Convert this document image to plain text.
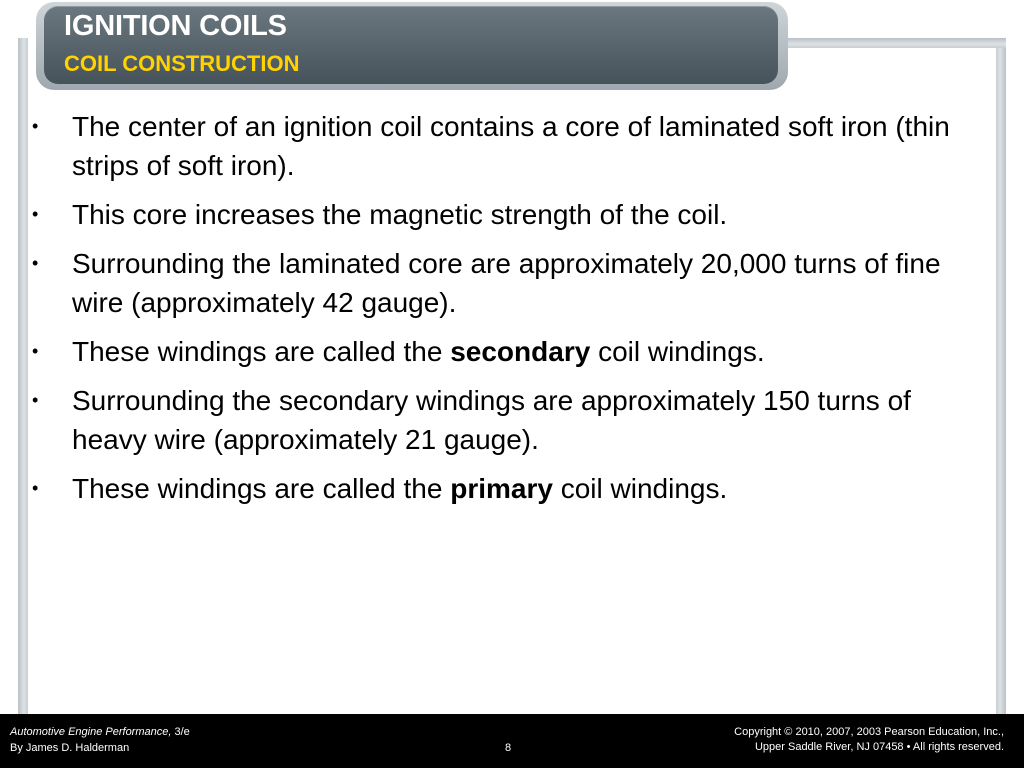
IGNITION COILS
COIL CONSTRUCTION
• The center of an ignition coil contains a core of laminated soft iron (thin strips of soft iron).
• This core increases the magnetic strength of the coil.
• Surrounding the laminated core are approximately 20,000 turns of fine wire (approximately 42 gauge).
• These windings are called the secondary coil windings.
• Surrounding the secondary windings are approximately 150 turns of heavy wire (approximately 21 gauge).
• These windings are called the primary coil windings.
Automotive Engine Performance, 3/e
By James D. Halderman	8
Copyright © 2010, 2007, 2003 Pearson Education, Inc.,
Upper Saddle River, NJ 07458 • All rights reserved.
